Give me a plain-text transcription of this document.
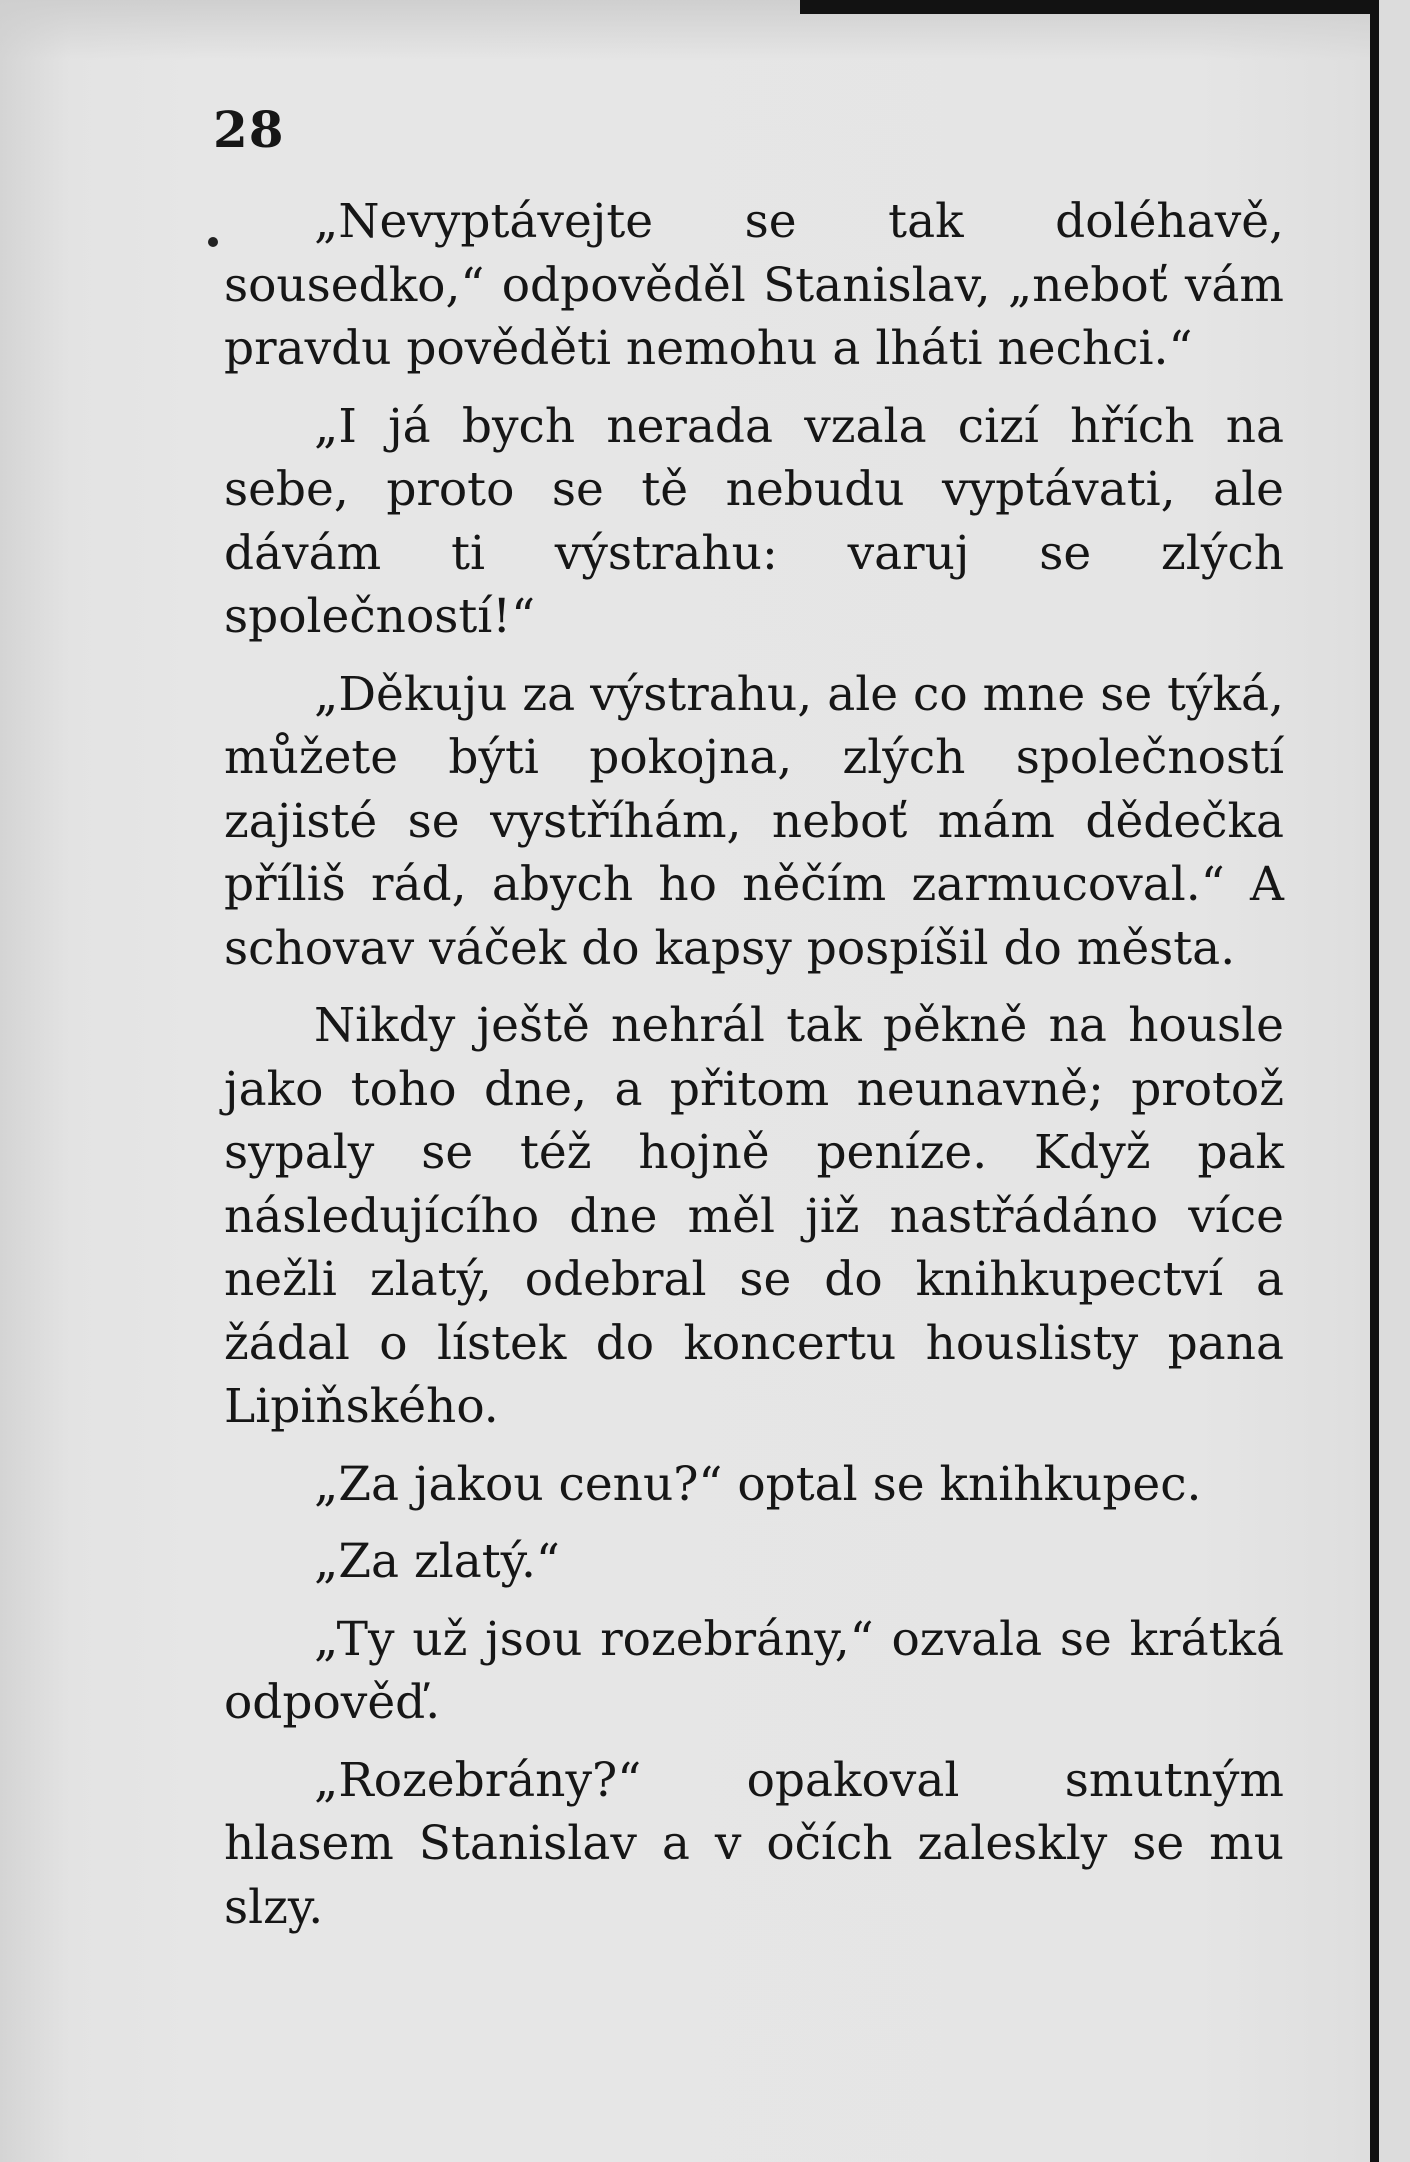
28

„Nevyptávejte se tak doléhavě, sousedko,“ odpověděl Stanislav, „neboť vám pravdu pověděti nemohu a lháti nechci.“

„I já bych nerada vzala cizí hřích na sebe, proto se tě nebudu vyptávati, ale dávám ti výstrahu: varuj se zlých společností!“

„Děkuju za výstrahu, ale co mne se týká, můžete býti pokojna, zlých společností zajisté se vystříhám, neboť mám dědečka příliš rád, abych ho něčím zarmucoval.“ A schovav váček do kapsy pospíšil do města.

Nikdy ještě nehrál tak pěkně na housle jako toho dne, a přitom neunavně; protož sypaly se též hojně peníze. Když pak následujícího dne měl již nastřádáno více nežli zlatý, odebral se do knihkupectví a žádal o lístek do koncertu houslisty pana Lipiňského.

„Za jakou cenu?“ optal se knihkupec.

„Za zlatý.“

„Ty už jsou rozebrány,“ ozvala se krátká odpověď.

„Rozebrány?“ opakoval smutným hlasem Stanislav a v očích zaleskly se mu slzy.
